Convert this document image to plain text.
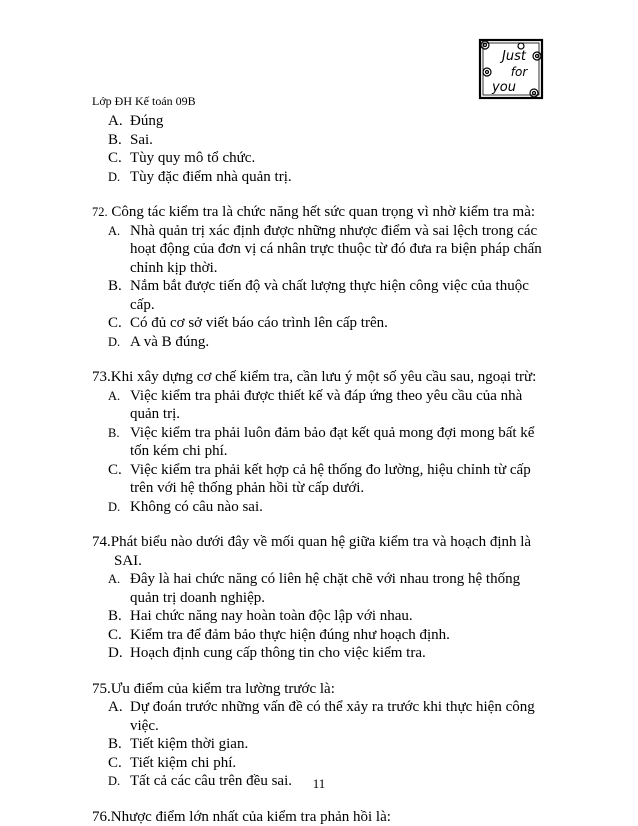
Lớp ĐH Kế toán 09B
Just
for
you
A. Đúng
B. Sai.
C. Tùy quy mô tổ chức.
D. Tùy đặc điểm nhà quản trị.
72. Công tác kiểm tra là chức năng hết sức quan trọng vì nhờ kiểm tra mà:
A. Nhà quản trị xác định được những nhược điểm và sai lệch trong các hoạt động của đơn vị cá nhân trực thuộc từ đó đưa ra biện pháp chấn chỉnh kịp thời.
B. Nắm bắt được tiến độ và chất lượng thực hiện công việc của thuộc cấp.
C. Có đủ cơ sở viết báo cáo trình lên cấp trên.
D. A và B đúng.
73.Khi xây dựng cơ chế kiểm tra, cần lưu ý một số yêu cầu sau, ngoại trừ:
A. Việc kiểm tra phải được thiết kế và đáp ứng theo yêu cầu của nhà quản trị.
B. Việc kiểm tra phải luôn đảm bảo đạt kết quả mong đợi mong bất kể tốn kém chi phí.
C. Việc kiểm tra phải kết hợp cả hệ thống đo lường, hiệu chỉnh từ cấp trên với hệ thống phản hồi từ cấp dưới.
D. Không có câu nào sai.
74.Phát biểu nào dưới đây về mối quan hệ giữa kiểm tra và hoạch định là SAI.
A. Đây là hai chức năng có liên hệ chặt chẽ với nhau trong hệ thống quản trị doanh nghiệp.
B. Hai chức năng nay hoàn toàn độc lập với nhau.
C. Kiểm tra để đảm bảo thực hiện đúng như hoạch định.
D. Hoạch định cung cấp thông tin cho việc kiểm tra.
75.Ưu điểm của kiểm tra lường trước là:
A. Dự đoán trước những vấn đề có thể xảy ra trước khi thực hiện công việc.
B. Tiết kiệm thời gian.
C. Tiết kiệm chi phí.
D. Tất cả các câu trên đều sai.
76.Nhược điểm lớn nhất của kiểm tra phản hồi là:
11
